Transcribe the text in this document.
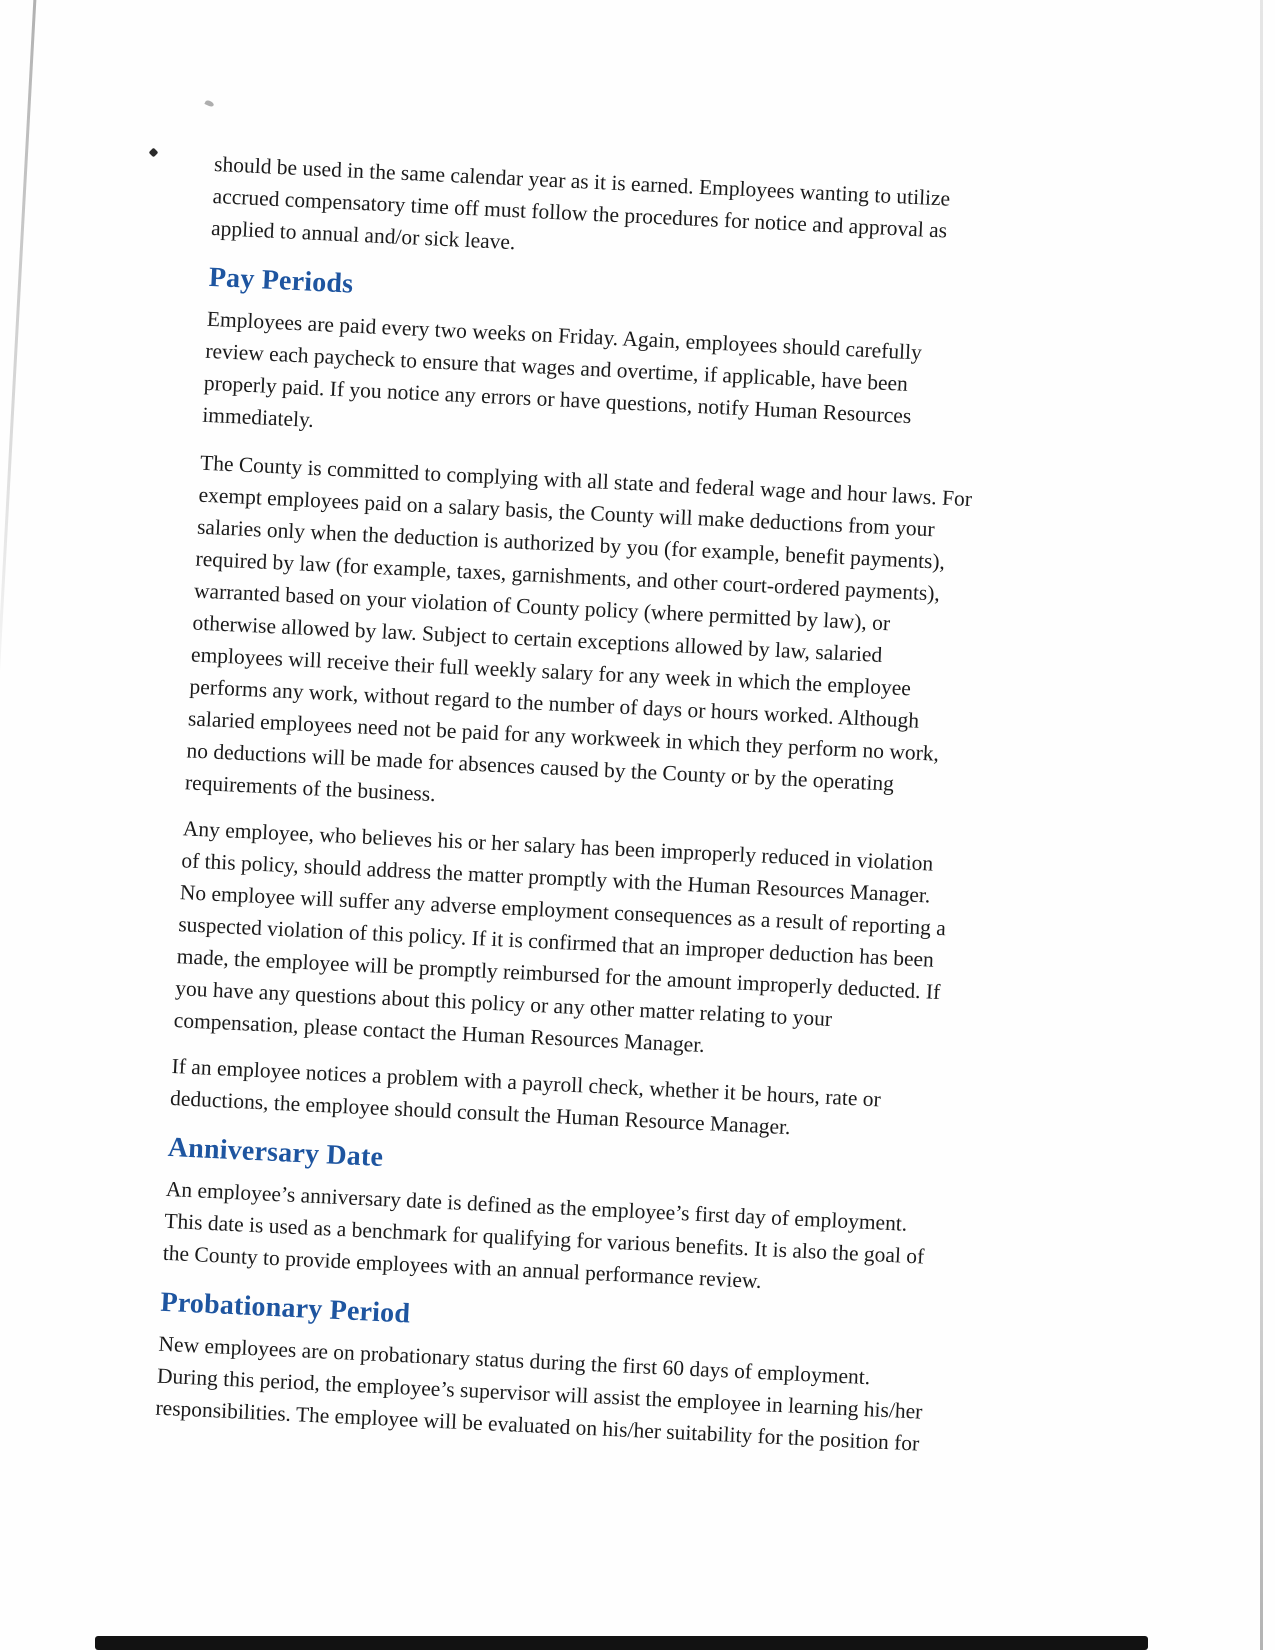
should be used in the same calendar year as it is earned. Employees wanting to utilize
accrued compensatory time off must follow the procedures for notice and approval as
applied to annual and/or sick leave.

Pay Periods

Employees are paid every two weeks on Friday. Again, employees should carefully
review each paycheck to ensure that wages and overtime, if applicable, have been
properly paid. If you notice any errors or have questions, notify Human Resources
immediately.

The County is committed to complying with all state and federal wage and hour laws. For
exempt employees paid on a salary basis, the County will make deductions from your
salaries only when the deduction is authorized by you (for example, benefit payments),
required by law (for example, taxes, garnishments, and other court-ordered payments),
warranted based on your violation of County policy (where permitted by law), or
otherwise allowed by law. Subject to certain exceptions allowed by law, salaried
employees will receive their full weekly salary for any week in which the employee
performs any work, without regard to the number of days or hours worked. Although
salaried employees need not be paid for any workweek in which they perform no work,
no deductions will be made for absences caused by the County or by the operating
requirements of the business.

Any employee, who believes his or her salary has been improperly reduced in violation
of this policy, should address the matter promptly with the Human Resources Manager.
No employee will suffer any adverse employment consequences as a result of reporting a
suspected violation of this policy. If it is confirmed that an improper deduction has been
made, the employee will be promptly reimbursed for the amount improperly deducted. If
you have any questions about this policy or any other matter relating to your
compensation, please contact the Human Resources Manager.

If an employee notices a problem with a payroll check, whether it be hours, rate or
deductions, the employee should consult the Human Resource Manager.

Anniversary Date

An employee’s anniversary date is defined as the employee’s first day of employment.
This date is used as a benchmark for qualifying for various benefits. It is also the goal of
the County to provide employees with an annual performance review.

Probationary Period

New employees are on probationary status during the first 60 days of employment.
During this period, the employee’s supervisor will assist the employee in learning his/her
responsibilities. The employee will be evaluated on his/her suitability for the position for
